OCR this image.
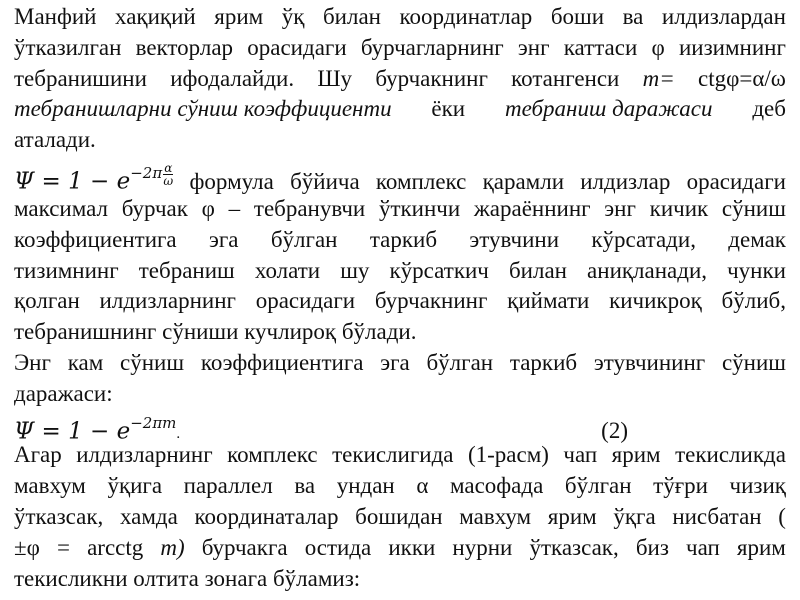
Манфий хақиқий ярим ўқ билан координатлар боши ва илдизлардан
ўтказилган векторлар орасидаги бурчагларнинг энг каттаси φ иизимнинг
тебранишини ифодалайди. Шу бурчакнинг котангенси m= ctgφ=α/ω
тебранишларни сўниш коэффициенти ёки тебраниш даражаси деб
аталади.
$\Psi = 1 - e^{-2\pi \frac{\alpha}{\omega}}$ формула бўйича комплекс қарамли илдизлар орасидаги
максимал бурчак φ – тебранувчи ўткинчи жараённинг энг кичик сўниш
коэффициентига эга бўлган таркиб этувчини кўрсатади, демак
тизимнинг тебраниш холати шу кўрсаткич билан аниқланади, чунки
қолган илдизларнинг орасидаги бурчакнинг қиймати кичикроқ бўлиб,
тебранишнинг сўниши кучлироқ бўлади.
Энг кам сўниш коэффициентига эга бўлган таркиб этувчининг сўниш
даражаси:
$\Psi = 1 - e^{-2\pi m}$
.	(2)
Агар илдизларнинг комплекс текислигида (1-расм) чап ярим текисликда
мавхум ўқига параллел ва ундан α масофада бўлган тўғри чизиқ
ўтказсак, хамда координаталар бошидан мавхум ярим ўқга нисбатан (
±φ = arcctg m) бурчакга остида икки нурни ўтказсак, биз чап ярим
текисликни олтита зонага бўламиз:
